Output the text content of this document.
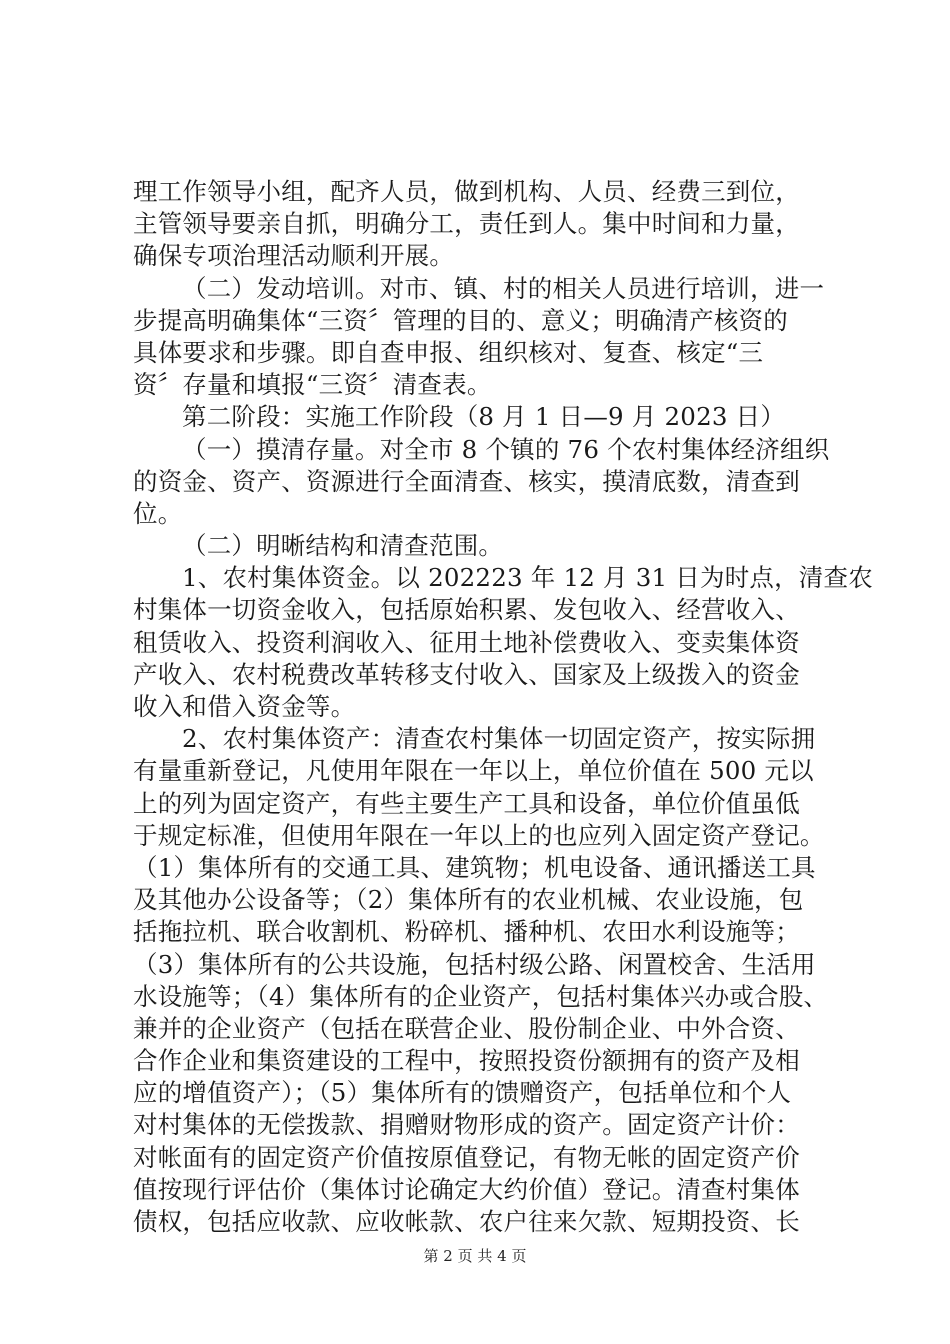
理工作领导小组，配齐人员，做到机构、人员、经费三到位，
主管领导要亲自抓，明确分工，责任到人。集中时间和力量，
确保专项治理活动顺利开展。
（二）发动培训。对市、镇、村的相关人员进行培训，进一
步提高明确集体“三资〞管理的目的、意义；明确清产核资的
具体要求和步骤。即自查申报、组织核对、复查、核定“三
资〞存量和填报“三资〞清查表。
第二阶段：实施工作阶段（8 月 1 日—9 月 2023 日）
（一）摸清存量。对全市 8 个镇的 76 个农村集体经济组织
的资金、资产、资源进行全面清查、核实，摸清底数，清查到
位。
（二）明晰结构和清查范围。
1、农村集体资金。以 202223 年 12 月 31 日为时点，清查农
村集体一切资金收入，包括原始积累、发包收入、经营收入、
租赁收入、投资利润收入、征用土地补偿费收入、变卖集体资
产收入、农村税费改革转移支付收入、国家及上级拨入的资金
收入和借入资金等。
2、农村集体资产：清查农村集体一切固定资产，按实际拥
有量重新登记，凡使用年限在一年以上，单位价值在 500 元以
上的列为固定资产，有些主要生产工具和设备，单位价值虽低
于规定标准，但使用年限在一年以上的也应列入固定资产登记。
（1）集体所有的交通工具、建筑物；机电设备、通讯播送工具
及其他办公设备等；（2）集体所有的农业机械、农业设施，包
括拖拉机、联合收割机、粉碎机、播种机、农田水利设施等；
（3）集体所有的公共设施，包括村级公路、闲置校舍、生活用
水设施等；（4）集体所有的企业资产，包括村集体兴办或合股、
兼并的企业资产（包括在联营企业、股份制企业、中外合资、
合作企业和集资建设的工程中，按照投资份额拥有的资产及相
应的增值资产）；（5）集体所有的馈赠资产，包括单位和个人
对村集体的无偿拨款、捐赠财物形成的资产。固定资产计价：
对帐面有的固定资产价值按原值登记，有物无帐的固定资产价
值按现行评估价（集体讨论确定大约价值）登记。清查村集体
债权，包括应收款、应收帐款、农户往来欠款、短期投资、长
第 2 页 共 4 页
